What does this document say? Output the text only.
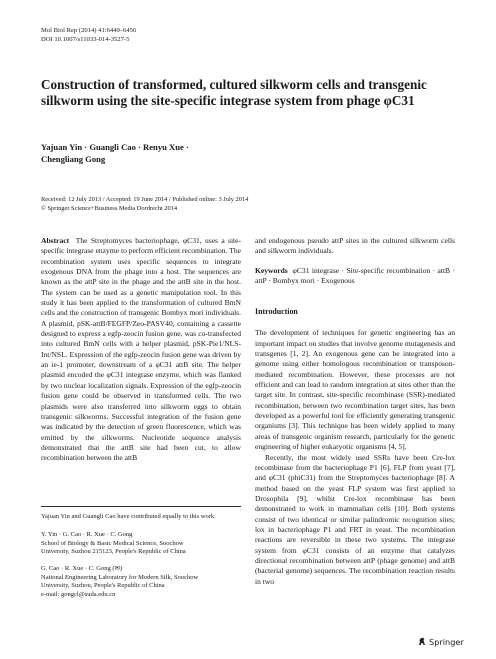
Mol Biol Rep (2014) 41:6449–6456
DOI 10.1007/s11033-014-3527-5
Construction of transformed, cultured silkworm cells and transgenic silkworm using the site-specific integrase system from phage φC31
Yajuan Yin · Guangli Cao · Renyu Xue ·
Chengliang Gong
Received: 12 July 2013 / Accepted: 19 June 2014 / Published online: 3 July 2014
© Springer Science+Business Media Dordrecht 2014

Abstract The Streptomyces bacteriophage, φC31, uses a site-specific integrase enzyme to perform efficient recombination. The recombination system uses specific sequences to integrate exogenous DNA from the phage into a host. The sequences are known as the attP site in the phage and the attB site in the host. The system can be used as a genetic manipulation tool. In this study it has been applied to the transformation of cultured BmN cells and the construction of transgenic Bombyx mori individuals. A plasmid, pSK-attB/FEGFP/Zeo-PASV40, containing a cassette designed to express a egfp-zeocin fusion gene, was co-transfected into cultured BmN cells with a helper plasmid, pSK-Pie1/NLS-Int/NSL. Expression of the egfp-zeocin fusion gene was driven by an ie-1 promoter, downstream of a φC31 attB site. The helper plasmid encoded the φC31 integrase enzyme, which was flanked by two nuclear localization signals. Expression of the egfp-zeocin fusion gene could be observed in transformed cells. The two plasmids were also transferred into silkworm eggs to obtain transgenic silkworms. Successful integration of the fusion gene was indicated by the detection of green fluorescence, which was emitted by the silkworms. Nucleotide sequence analysis demonstrated that the attB site had been cut, to allow recombination between the attB

and endogenous pseudo attP sites in the cultured silkworm cells and silkworm individuals.

Keywords φC31 integrase · Site-specific recombination · attB · attP · Bombyx mori · Exogenous

Introduction

The development of techniques for genetic engineering has an important impact on studies that involve genome mutagenesis and transgenes [1, 2]. An exogenous gene can be integrated into a genome using either homologous recombination or transposon-mediated recombination. However, these processes are not efficient and can lead to random integration at sites other than the target site. In contrast, site-specific recombinase (SSR)-mediated recombination, between two recombination target sites, has been developed as a powerful tool for efficiently generating transgenic organisms [3]. This technique has been widely applied to many areas of transgenic organism research, particularly for the genetic engineering of higher eukaryotic organisms [4, 5].

Recently, the most widely used SSRs have been Cre-lox recombinase from the bacteriophage P1 [6], FLP from yeast [7], and φC31 (phiC31) from the Streptomyces bacteriophage [8]. A method based on the yeast FLP system was first applied to Drosophila [9], whilst Cre-lox recombinase has been demonstrated to work in mammalian cells [10]. Both systems consist of two identical or similar palindromic recognition sites; lox in bacteriophage P1 and FRT in yeast. The recombination reactions are reversible in these two systems. The integrase system from φC31 consists of an enzyme that catalyzes directional recombination between attP (phage genome) and attB (bacterial genome) sequences. The recombination reaction results in two

Yajuan Yin and Guangli Cao have contributed equally to this work.

Y. Yin · G. Cao · R. Xue · C. Gong

School of Biology & Basic Medical Science, Soochow

University, Suzhou 215123, People's Republic of China

G. Cao · R. Xue · C. Gong (✉)

National Engineering Laboratory for Modern Silk, Soochow

University, Suzhou, People's Republic of China

e-mail: gongcl@suda.edu.cn

Springer
